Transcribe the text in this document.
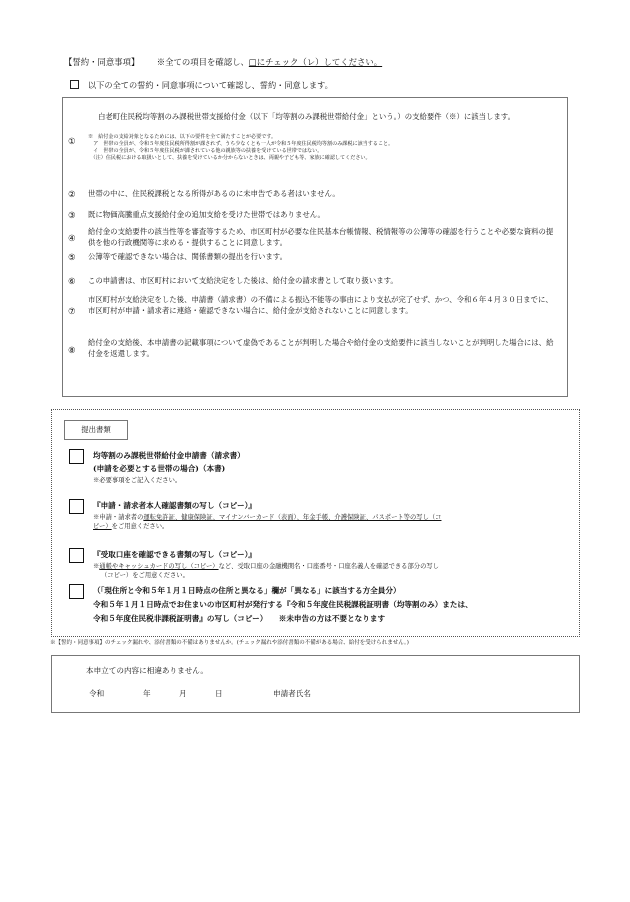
【誓約・同意事項】 ※全ての項目を確認し、□にチェック（レ）してください。
以下の全ての誓約・同意事項について確認し、誓約・同意します。
①
白老町住民税均等割のみ課税世帯支援給付金（以下「均等割のみ課税世帯給付金」という。）の支給要件（※）に該当します。
※　給付金の支給対象となるためには、以下の要件を全て満たすことが必要です。
　ア　世帯の全員が、令和５年度住民税所得割が課されず、うち少なくとも一人が令和５年度住民税均等割のみ課税に該当すること。
　イ　世帯の全員が、令和５年度住民税が課されている他の親族等の扶養を受けている世帯ではない。
　（注）住民税における取扱いとして、扶養を受けているか分からないときは、両親や子ども等、家族に確認してください。
②	世帯の中に、住民税課税となる所得があるのに未申告である者はいません。
③	既に物価高騰重点支援給付金の追加支給を受けた世帯ではありません。
④
給付金の支給要件の該当性等を審査等するため、市区町村が必要な住民基本台帳情報、税情報等の公簿等の確認を行うことや必要な資料の提供を他の行政機関等に求める・提供することに同意します。
⑤	公簿等で確認できない場合は、関係書類の提出を行います。
⑥	この申請書は、市区町村において支給決定をした後は、給付金の請求書として取り扱います。
⑦
市区町村が支給決定をした後、申請書（請求書）の不備による振込不能等の事由により支払が完了せず、かつ、令和６年４月３０日までに、市区町村が申請・請求者に連絡・確認できない場合に、給付金が支給されないことに同意します。
⑧
給付金の支給後、本申請書の記載事項について虚偽であることが判明した場合や給付金の支給要件に該当しないことが判明した場合には、給付金を返還します。
提出書類
均等割のみ課税世帯給付金申請書（請求書）
(申請を必要とする世帯の場合)（本書)
※必要事項をご記入ください。
『申請・請求者本人確認書類の写し（コピー）』
※申請・請求者の運転免許証、健康保険証、マイナンバーカード（表面）、年金手帳、介護保険証、パスポート等の写し（コ
ピー）をご用意ください。
『受取口座を確認できる書類の写し（コピー）』
※通帳やキャッシュカードの写し（コピー）など、受取口座の金融機関名・口座番号・口座名義人を確認できる部分の写し
（コピー）をご用意ください。
（「現住所と令和５年１月１日時点の住所と異なる」欄が「異なる」に該当する方全員分）
令和５年１月１日時点でお住まいの市区町村が発行する『令和５年度住民税課税証明書（均等割のみ）または、
令和５年度住民税非課税証明書』の写し（コピー）　　※未申告の方は不要となります
※【誓約・同意事項】のチェック漏れや、添付書類の不備はありませんか。(チェック漏れや添付書類の不備がある場合、給付を受けられません。)
本申立ての内容に相違ありません。
令和	年	月	日	申請者氏名
